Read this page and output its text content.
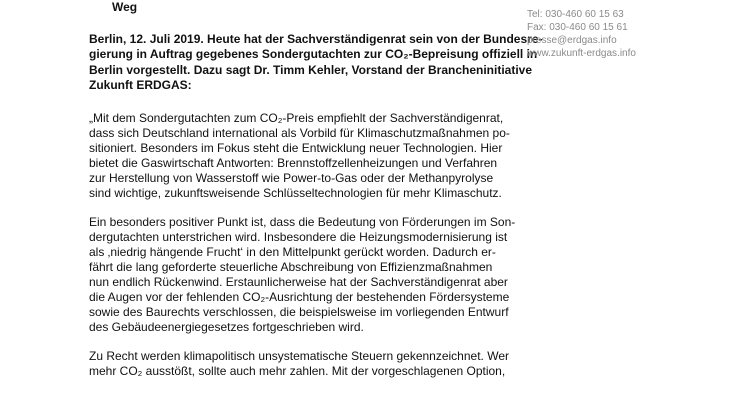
Weg

Berlin, 12. Juli 2019. Heute hat der Sachverständigenrat sein von der Bundesre-

gierung in Auftrag gegebenes Sondergutachten zur CO₂-Bepreisung offiziell in

Berlin vorgestellt. Dazu sagt Dr. Timm Kehler, Vorstand der Brancheninitiative

Zukunft ERDGAS:

„Mit dem Sondergutachten zum CO₂-Preis empfiehlt der Sachverständigenrat,

dass sich Deutschland international als Vorbild für Klimaschutzmaßnahmen po-

sitioniert. Besonders im Fokus steht die Entwicklung neuer Technologien. Hier

bietet die Gaswirtschaft Antworten: Brennstoffzellenheizungen und Verfahren

zur Herstellung von Wasserstoff wie Power-to-Gas oder der Methanpyrolyse

sind wichtige, zukunftsweisende Schlüsseltechnologien für mehr Klimaschutz.

Ein besonders positiver Punkt ist, dass die Bedeutung von Förderungen im Son-

dergutachten unterstrichen wird. Insbesondere die Heizungsmodernisierung ist

als ‚niedrig hängende Frucht‘ in den Mittelpunkt gerückt worden. Dadurch er-

fährt die lang geforderte steuerliche Abschreibung von Effizienzmaßnahmen

nun endlich Rückenwind. Erstaunlicherweise hat der Sachverständigenrat aber

die Augen vor der fehlenden CO₂-Ausrichtung der bestehenden Fördersysteme

sowie des Baurechts verschlossen, die beispielsweise im vorliegenden Entwurf

des Gebäudeenergiegesetzes fortgeschrieben wird.

Zu Recht werden klimapolitisch unsystematische Steuern gekennzeichnet. Wer

mehr CO₂ ausstößt, sollte auch mehr zahlen. Mit der vorgeschlagenen Option,

Tel: 030-460 60 15 63
Fax: 030-460 60 15 61
presse@erdgas.info
www.zukunft-erdgas.info
